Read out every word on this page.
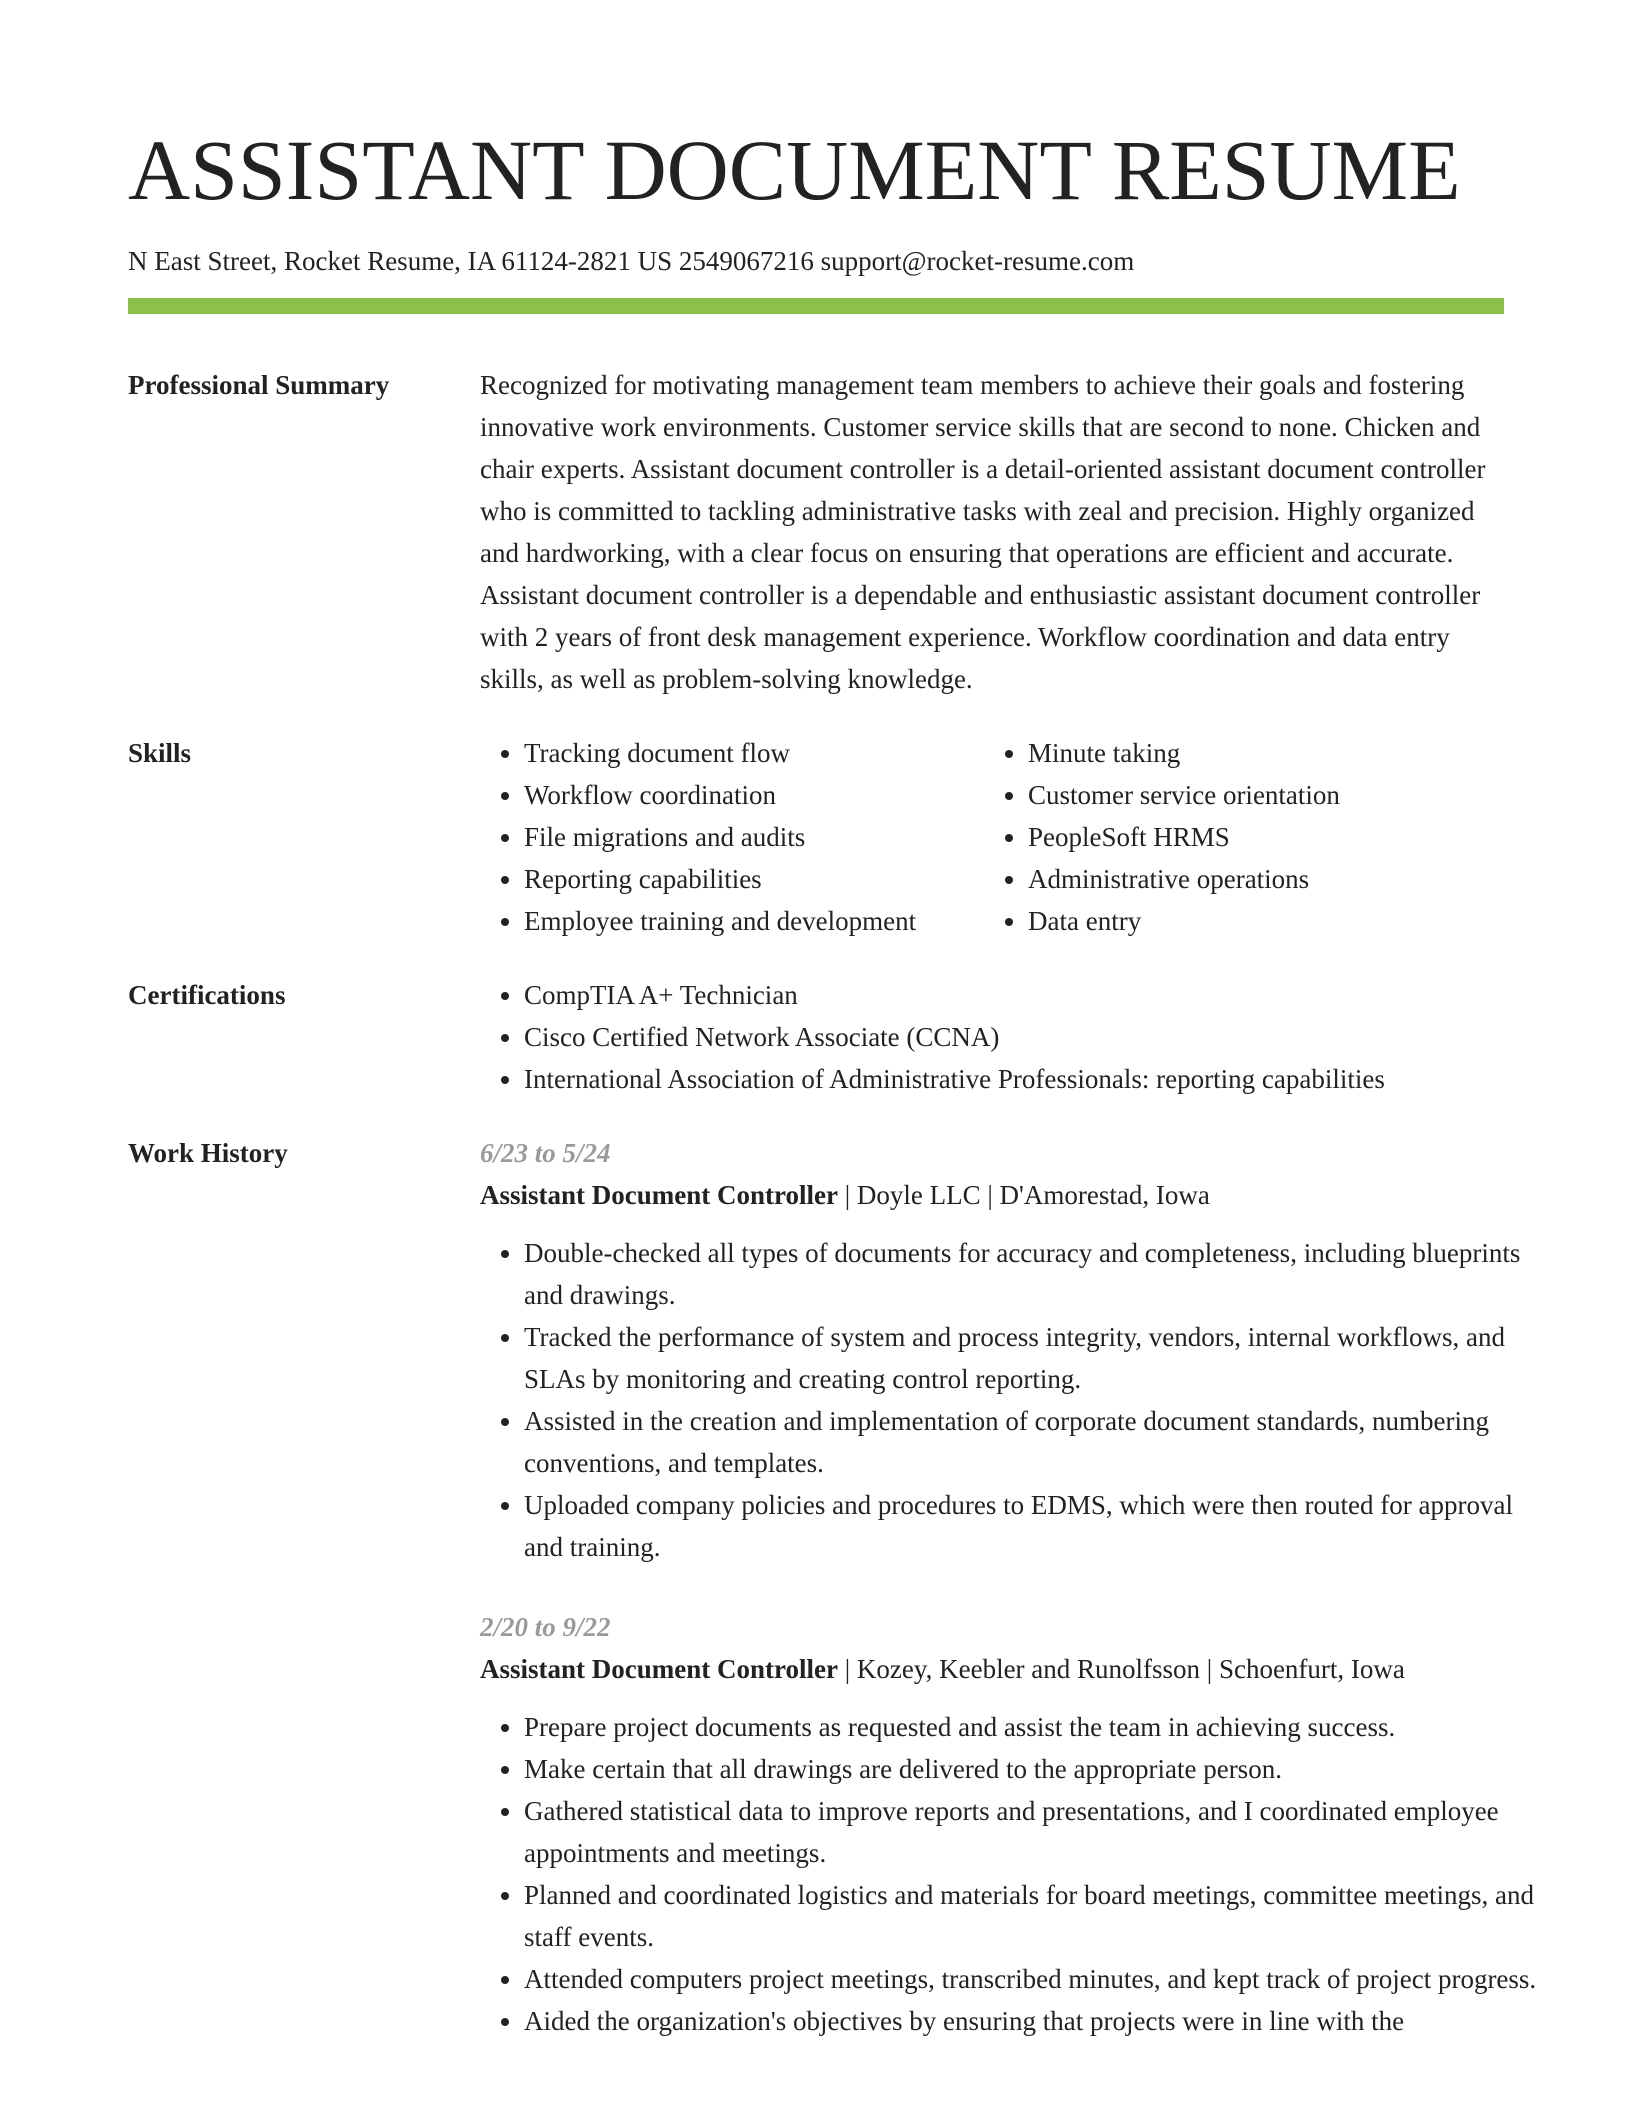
ASSISTANT DOCUMENT RESUME
N East Street, Rocket Resume, IA 61124-2821 US 2549067216 support@rocket-resume.com
Professional Summary	Recognized for motivating management team members to achieve their goals and fostering innovative work environments. Customer service skills that are second to none. Chicken and chair experts. Assistant document controller is a detail-oriented assistant document controller who is committed to tackling administrative tasks with zeal and precision. Highly organized and hardworking, with a clear focus on ensuring that operations are efficient and accurate. Assistant document controller is a dependable and enthusiastic assistant document controller with 2 years of front desk management experience. Workflow coordination and data entry skills, as well as problem-solving knowledge.

Skills	• Tracking document flow
• Workflow coordination
• File migrations and audits
• Reporting capabilities
• Employee training and development
• Minute taking
• Customer service orientation
• PeopleSoft HRMS
• Administrative operations
• Data entry
Certifications	• CompTIA A+ Technician
• Cisco Certified Network Associate (CCNA)
• International Association of Administrative Professionals: reporting capabilities
Work History	6/23 to 5/24
Assistant Document Controller | Doyle LLC | D'Amorestad, Iowa
• Double-checked all types of documents for accuracy and completeness, including blueprints and drawings.
• Tracked the performance of system and process integrity, vendors, internal workflows, and SLAs by monitoring and creating control reporting.
• Assisted in the creation and implementation of corporate document standards, numbering conventions, and templates.
• Uploaded company policies and procedures to EDMS, which were then routed for approval and training.
2/20 to 9/22
Assistant Document Controller | Kozey, Keebler and Runolfsson | Schoenfurt, Iowa
• Prepare project documents as requested and assist the team in achieving success.
• Make certain that all drawings are delivered to the appropriate person.
• Gathered statistical data to improve reports and presentations, and I coordinated employee appointments and meetings.
• Planned and coordinated logistics and materials for board meetings, committee meetings, and staff events.
• Attended computers project meetings, transcribed minutes, and kept track of project progress.
• Aided the organization's objectives by ensuring that projects were in line with the
